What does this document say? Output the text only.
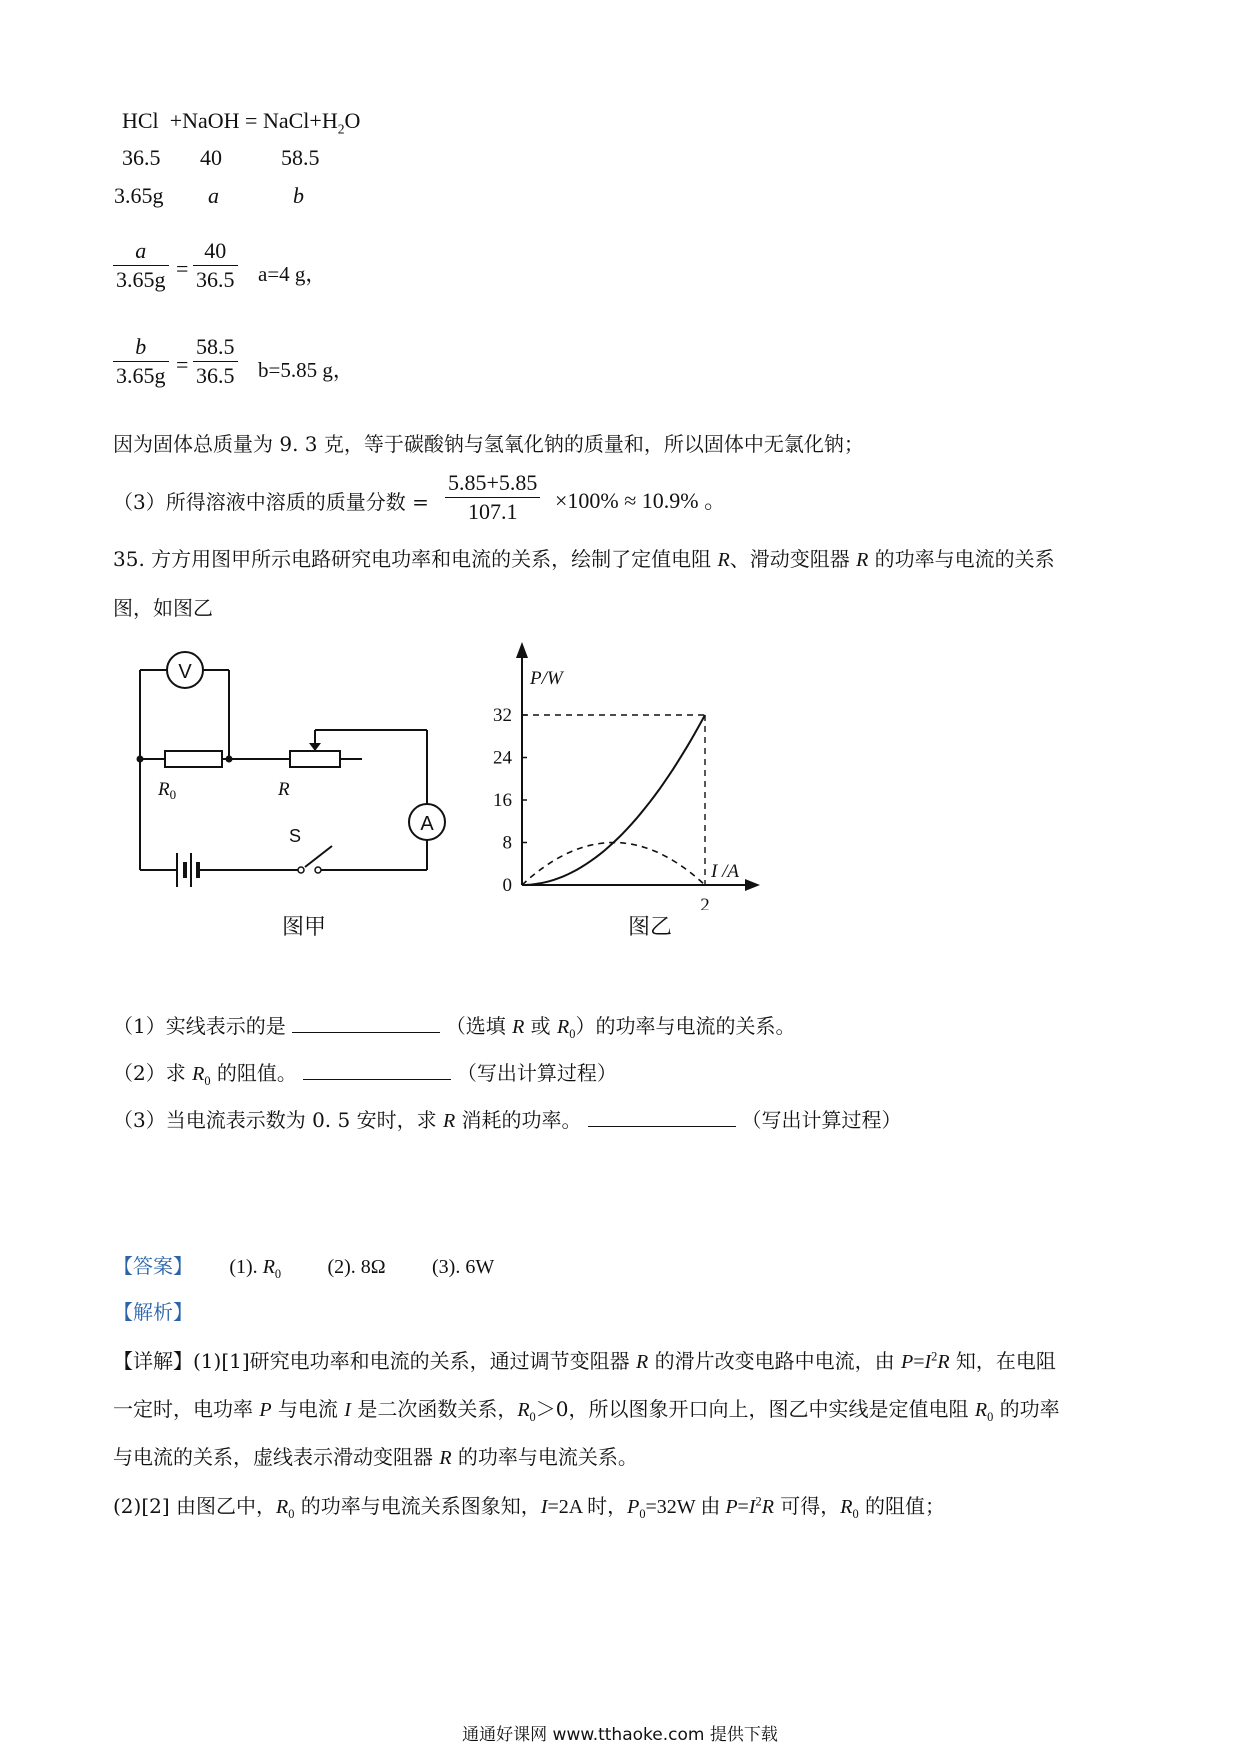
HCl +NaOH = $NaCl+H_2O$
36.5 40	58.5
3.65g a	b
a
3.65g =
40
36.5 a=4 g，
b
3.65g =
58.5
36.5 b=5.85 g，
因为固体总质量为 9. 3 克，等于碳酸钠与氢氧化钠的质量和，所以固体中无氯化钠；
（3）所得溶液中溶质的质量分数 =
5.85+5.85
107.1	×100% ≈ 10.9% 。
35. 方方用图甲所示电路研究电功率和电流的关系，绘制了定值电阻 R、滑动变阻器 R 的功率与电流的关系
图，如图乙
V
A
$R_0$	R
S
图甲
32
24
16
8
0
2
P/W
I /A
图乙
（1）实线表示的是	（选填 R 或 $R_0$）的功率与电流的关系。
（2）求 $R_0$ 的阻值。	（写出计算过程）
（3）当电流表示数为 0. 5 安时，求 R 消耗的功率。	（写出计算过程）
【答案】 (1). $R_0$ (2). 8Ω (3). 6W
【解析】
【详解】(1)[1]研究电功率和电流的关系，通过调节变阻器 R 的滑片改变电路中电流，由 $P=I^2R$ 知，在电阻
一定时，电功率 P 与电流 I 是二次函数关系，$R_0>0$，所以图象开口向上，图乙中实线是定值电阻 $R_0$ 的功率
与电流的关系，虚线表示滑动变阻器 R 的功率与电流关系。
(2)[2] 由图乙中，$R_0$ 的功率与电流关系图象知，I=2A 时，$P_0=32W$ 由 $P=I^2R$ 可得，$R_0$ 的阻值；
通通好课网 www.tthaoke.com 提供下载
